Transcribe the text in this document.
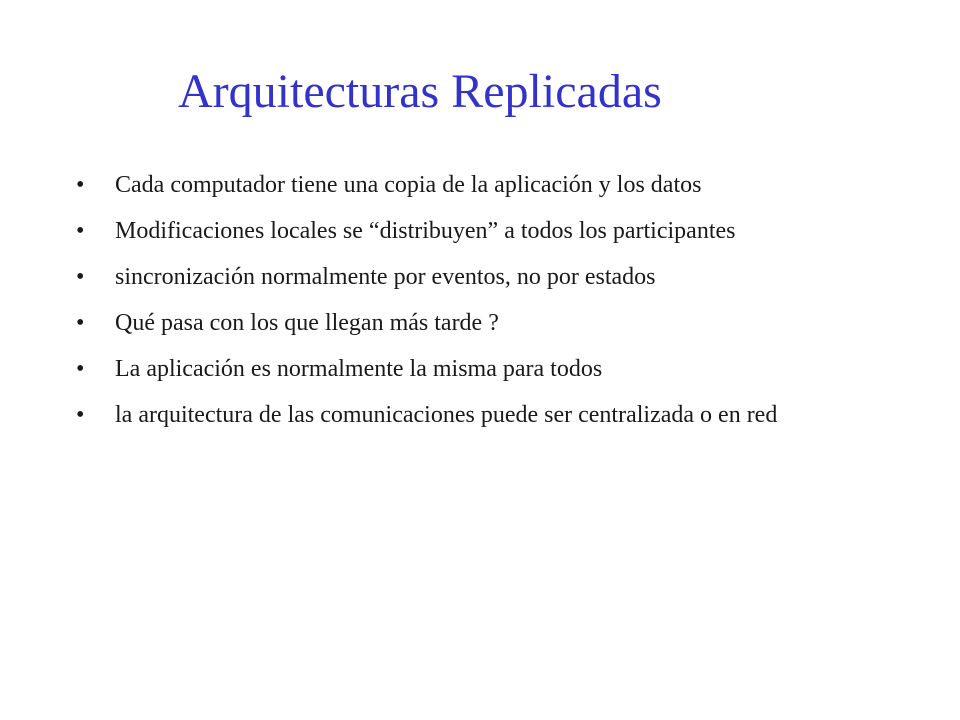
Arquitecturas Replicadas
•	Cada computador tiene una copia de la aplicación y los datos
•	Modificaciones locales se “distribuyen” a todos los participantes
•	sincronización normalmente por eventos, no por estados
•	Qué pasa con los que llegan más tarde ?
•	La aplicación es normalmente la misma para todos
•	la arquitectura de las comunicaciones puede ser centralizada o en red
